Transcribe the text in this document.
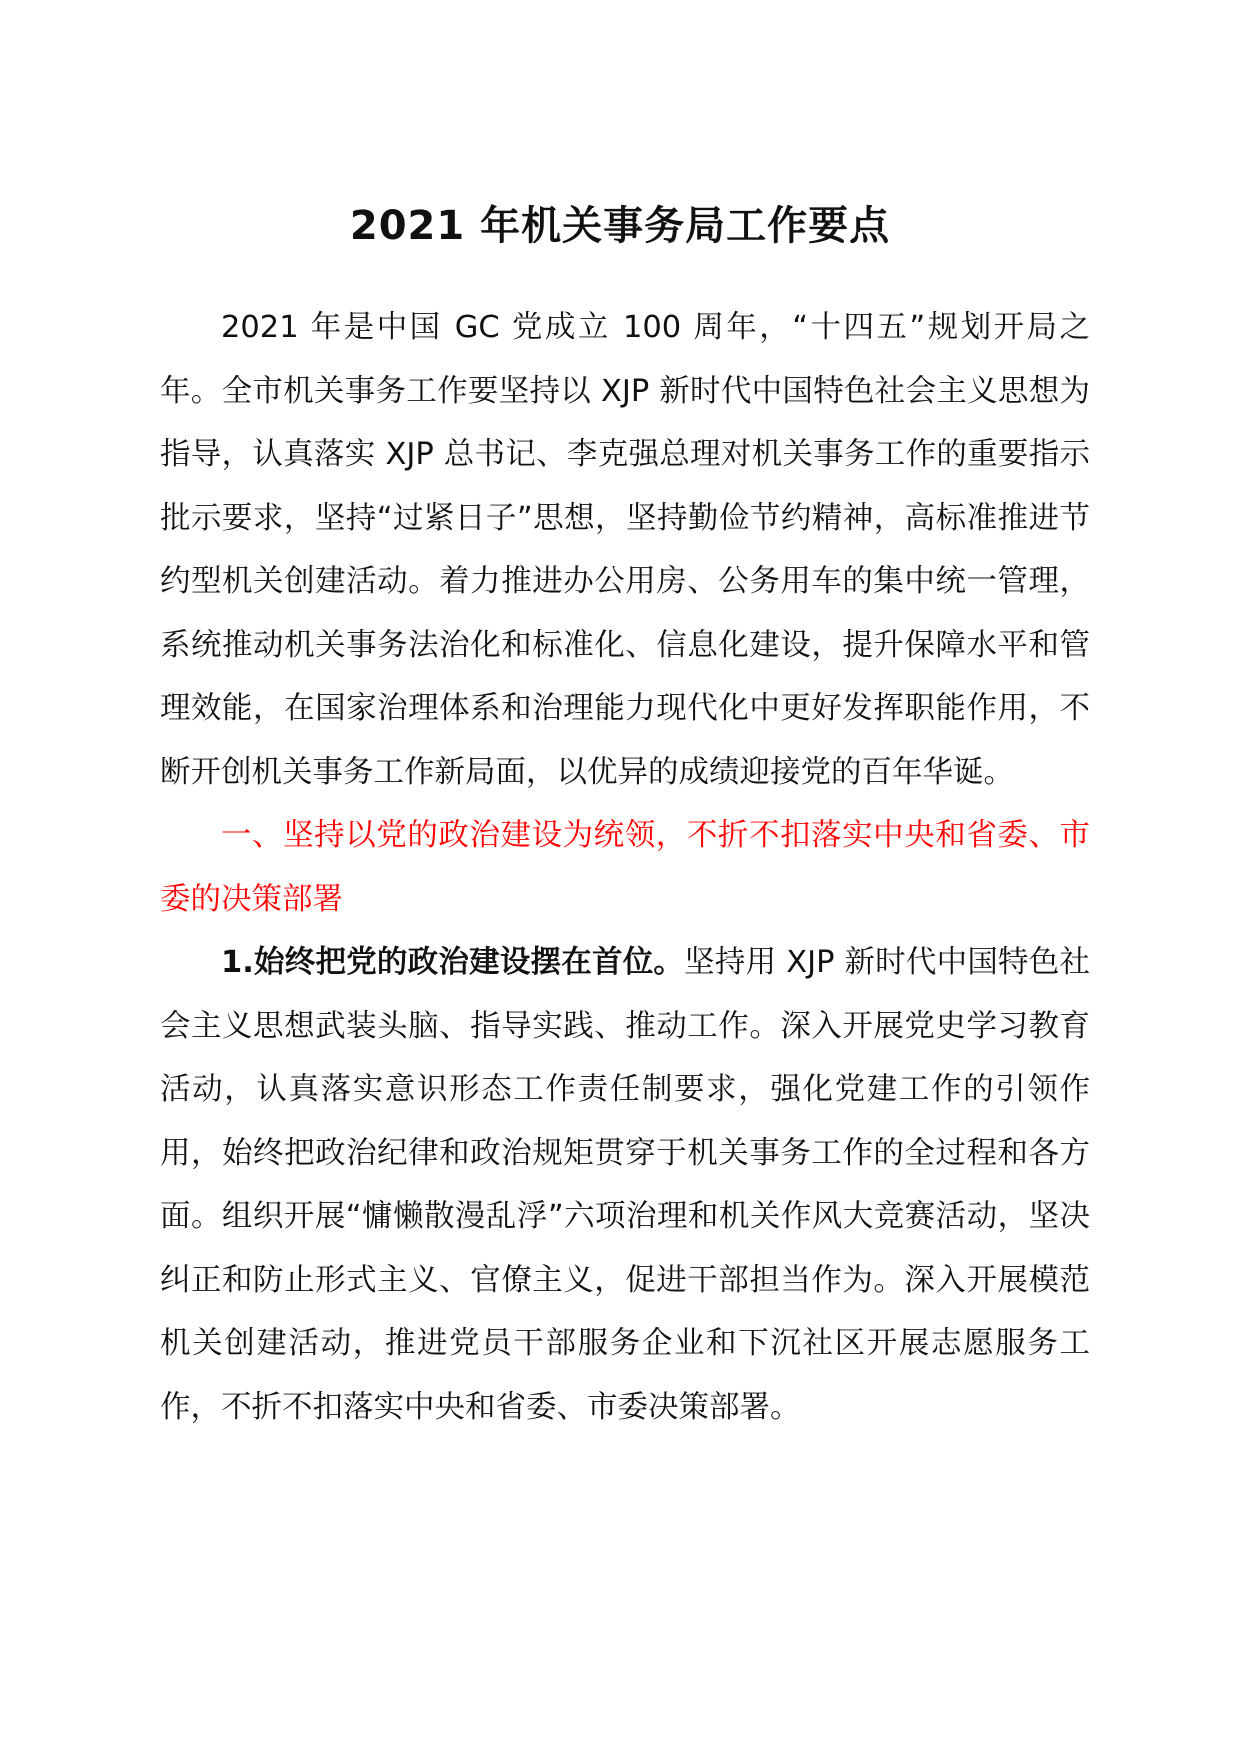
2021 年机关事务局工作要点

2021 年是中国 GC 党成立 100 周年，“十四五”规划开局之年。全市机关事务工作要坚持以 XJP 新时代中国特色社会主义思想为指导，认真落实 XJP 总书记、李克强总理对机关事务工作的重要指示批示要求，坚持“过紧日子”思想，坚持勤俭节约精神，高标准推进节约型机关创建活动。着力推进办公用房、公务用车的集中统一管理，系统推动机关事务法治化和标准化、信息化建设，提升保障水平和管理效能，在国家治理体系和治理能力现代化中更好发挥职能作用，不断开创机关事务工作新局面，以优异的成绩迎接党的百年华诞。

一、坚持以党的政治建设为统领，不折不扣落实中央和省委、市委的决策部署

1.始终把党的政治建设摆在首位。坚持用 XJP 新时代中国特色社会主义思想武装头脑、指导实践、推动工作。深入开展党史学习教育活动，认真落实意识形态工作责任制要求，强化党建工作的引领作用，始终把政治纪律和政治规矩贯穿于机关事务工作的全过程和各方面。组织开展“慵懒散漫乱浮”六项治理和机关作风大竞赛活动，坚决纠正和防止形式主义、官僚主义，促进干部担当作为。深入开展模范机关创建活动，推进党员干部服务企业和下沉社区开展志愿服务工作，不折不扣落实中央和省委、市委决策部署。
